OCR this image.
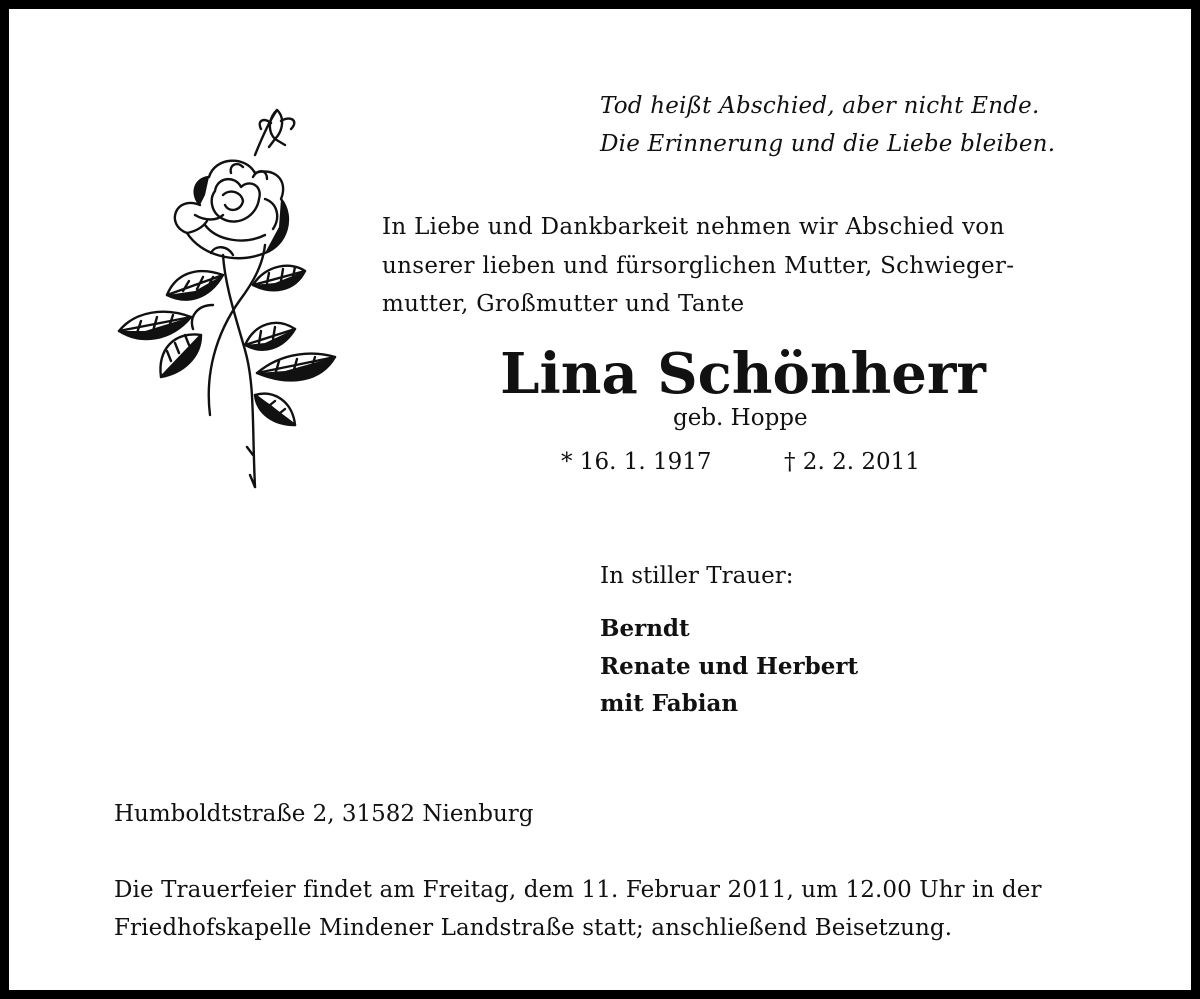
Tod heißt Abschied, aber nicht Ende.
Die Erinnerung und die Liebe bleiben.
In Liebe und Dankbarkeit nehmen wir Abschied von
unserer lieben und fürsorglichen Mutter, Schwieger-
mutter, Großmutter und Tante
Lina Schönherr
geb. Hoppe
* 16. 1. 1917	† 2. 2. 2011
In stiller Trauer:
Berndt
Renate und Herbert
mit Fabian
Humboldtstraße 2, 31582 Nienburg
Die Trauerfeier findet am Freitag, dem 11. Februar 2011, um 12.00 Uhr in der
Friedhofskapelle Mindener Landstraße statt; anschließend Beisetzung.
